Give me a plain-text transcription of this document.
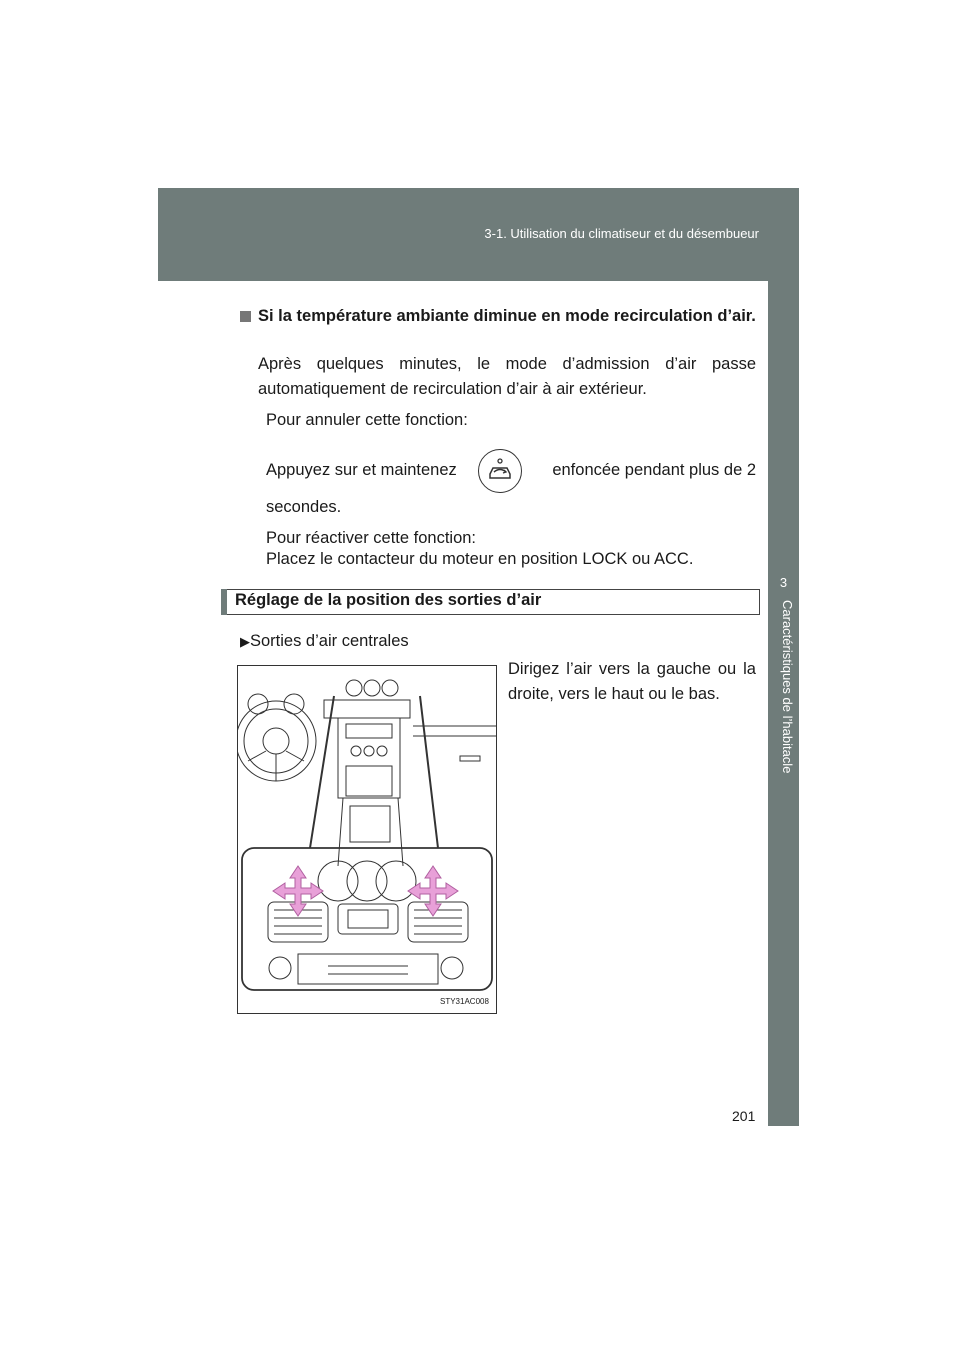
3-1. Utilisation du climatiseur et du désembueur
3
Caractéristiques de l’habitacle
Si la température ambiante diminue en mode recirculation d’air.
Après quelques minutes, le mode d’admission d’air passe
automatiquement de recirculation d’air à air extérieur.
Pour annuler cette fonction:
Appuyez sur et maintenez	enfoncée pendant plus de 2
secondes.
Pour réactiver cette fonction:
Placez le contacteur du moteur en position LOCK ou ACC.
Réglage de la position des sorties d’air
▶Sorties d’air centrales
Dirigez l’air vers la gauche ou la
droite, vers le haut ou le bas.
STY31AC008
201
